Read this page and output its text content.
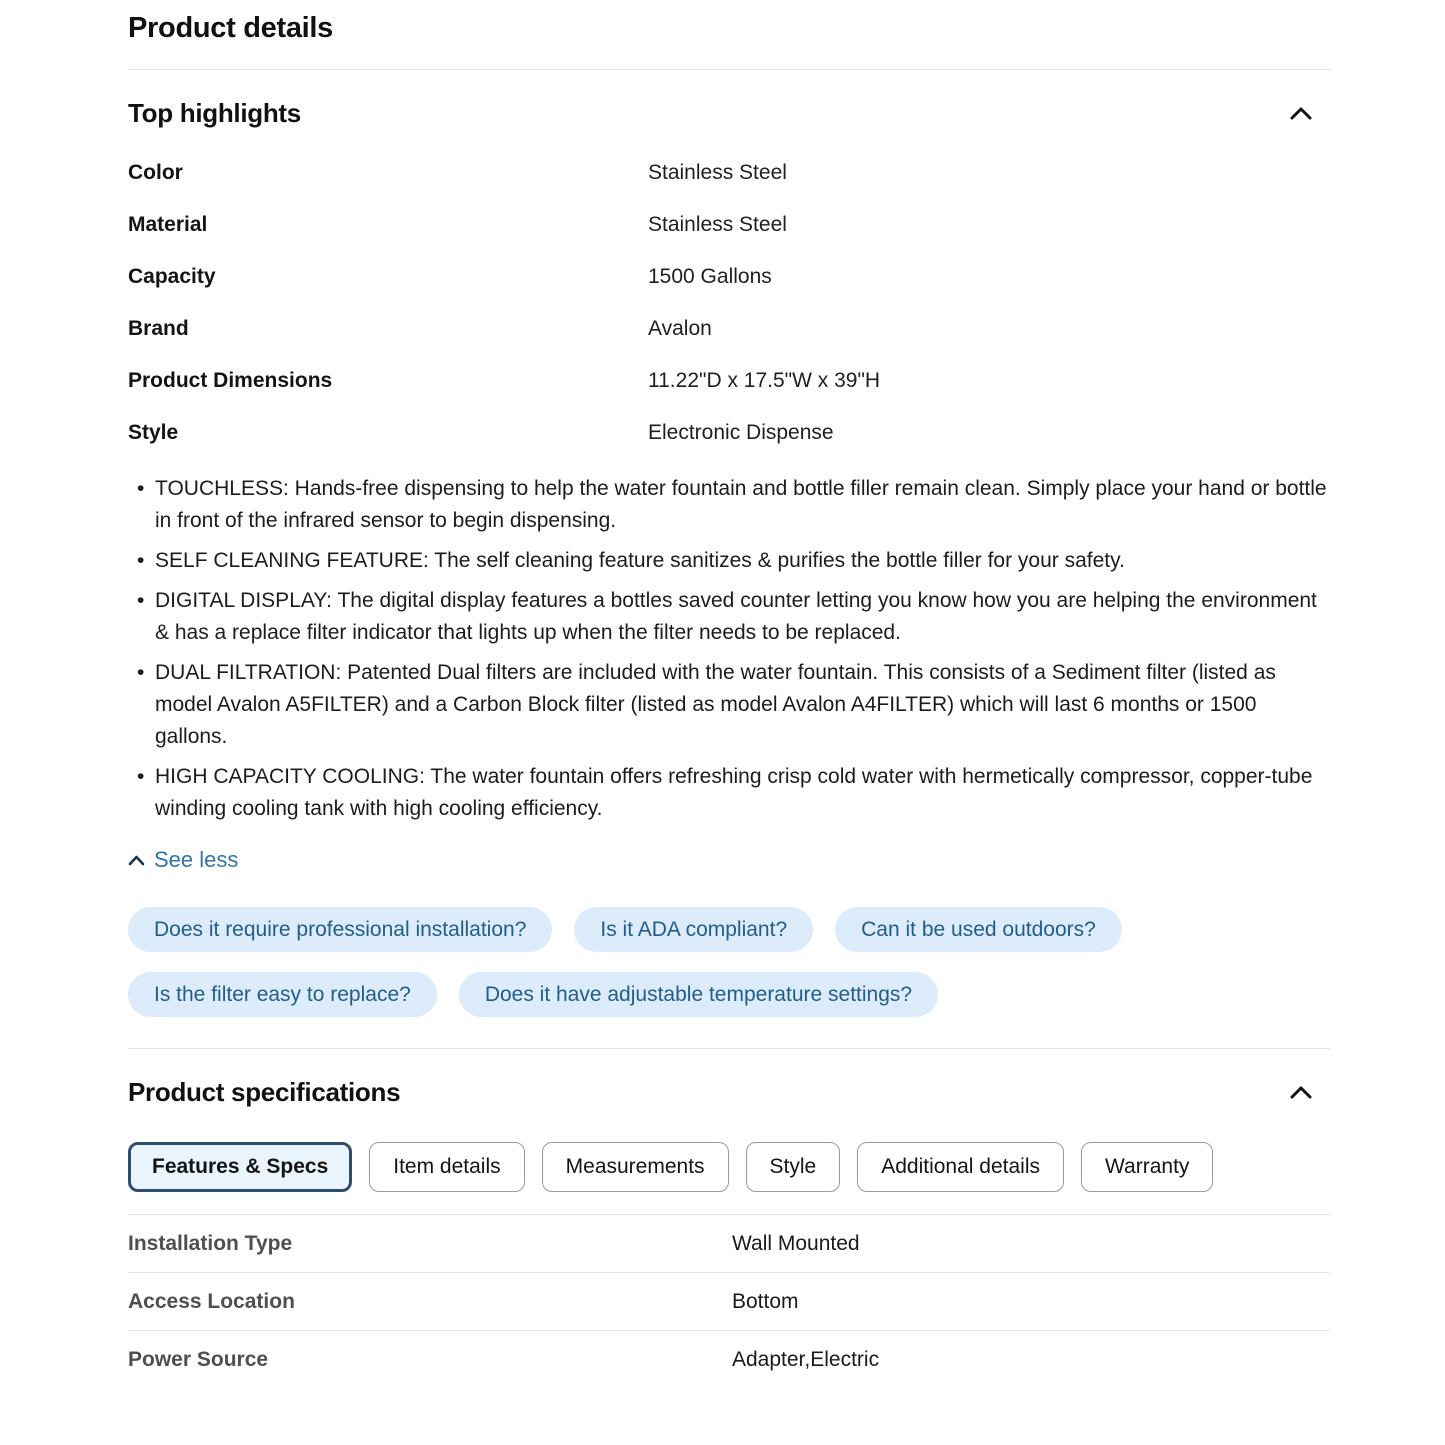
Product details
Top highlights
Color	Stainless Steel
Material	Stainless Steel
Capacity	1500 Gallons
Brand	Avalon
Product Dimensions	11.22"D x 17.5"W x 39"H
Style	Electronic Dispense
• TOUCHLESS: Hands-free dispensing to help the water fountain and bottle filler remain clean. Simply place your hand or bottle in front of the infrared sensor to begin dispensing.
• SELF CLEANING FEATURE: The self cleaning feature sanitizes & purifies the bottle filler for your safety.
• DIGITAL DISPLAY: The digital display features a bottles saved counter letting you know how you are helping the environment & has a replace filter indicator that lights up when the filter needs to be replaced.
• DUAL FILTRATION: Patented Dual filters are included with the water fountain. This consists of a Sediment filter (listed as model Avalon A5FILTER) and a Carbon Block filter (listed as model Avalon A4FILTER) which will last 6 months or 1500 gallons.
• HIGH CAPACITY COOLING: The water fountain offers refreshing crisp cold water with hermetically compressor, copper-tube winding cooling tank with high cooling efficiency.
See less
Does it require professional installation?	Is it ADA compliant?	Can it be used outdoors?
Is the filter easy to replace?	Does it have adjustable temperature settings?
Product specifications
Features & Specs	Item details	Measurements	Style	Additional details	Warranty
Installation Type	Wall Mounted
Access Location	Bottom
Power Source	Adapter,Electric
